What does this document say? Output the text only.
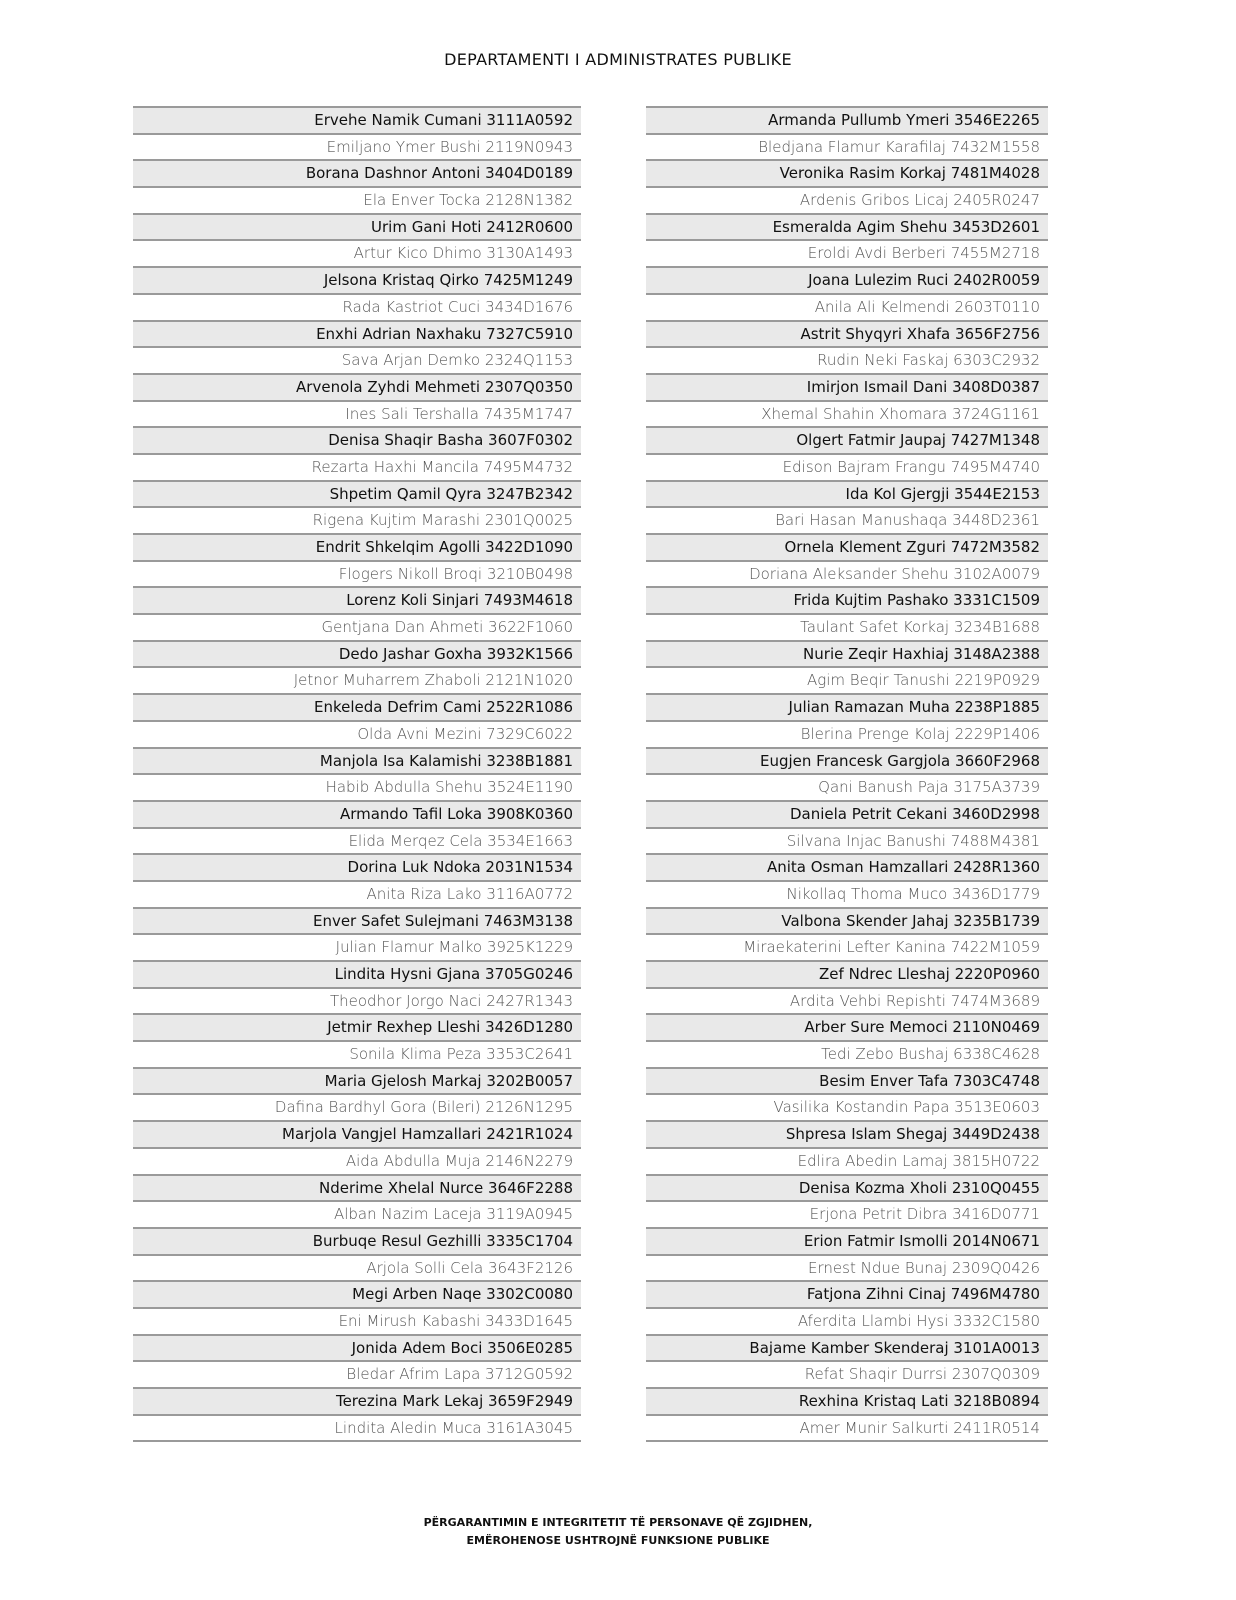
DEPARTAMENTI I ADMINISTRATES PUBLIKE
Ervehe Namik Cumani 3111A0592
Emiljano Ymer Bushi 2119N0943
Borana Dashnor Antoni 3404D0189
Ela Enver Tocka 2128N1382
Urim Gani Hoti 2412R0600
Artur Kico Dhimo 3130A1493
Jelsona Kristaq Qirko 7425M1249
Rada Kastriot Cuci 3434D1676
Enxhi Adrian Naxhaku 7327C5910
Sava Arjan Demko 2324Q1153
Arvenola Zyhdi Mehmeti 2307Q0350
Ines Sali Tershalla 7435M1747
Denisa Shaqir Basha 3607F0302
Rezarta Haxhi Mancila 7495M4732
Shpetim Qamil Qyra 3247B2342
Rigena Kujtim Marashi 2301Q0025
Endrit Shkelqim Agolli 3422D1090
Flogers Nikoll Broqi 3210B0498
Lorenz Koli Sinjari 7493M4618
Gentjana Dan Ahmeti 3622F1060
Dedo Jashar Goxha 3932K1566
Jetnor Muharrem Zhaboli 2121N1020
Enkeleda Defrim Cami 2522R1086
Olda Avni Mezini 7329C6022
Manjola Isa Kalamishi 3238B1881
Habib Abdulla Shehu 3524E1190
Armando Tafil Loka 3908K0360
Elida Merqez Cela 3534E1663
Dorina Luk Ndoka 2031N1534
Anita Riza Lako 3116A0772
Enver Safet Sulejmani 7463M3138
Julian Flamur Malko 3925K1229
Lindita Hysni Gjana 3705G0246
Theodhor Jorgo Naci 2427R1343
Jetmir Rexhep Lleshi 3426D1280
Sonila Klima Peza 3353C2641
Maria Gjelosh Markaj 3202B0057
Dafina Bardhyl Gora (Bileri) 2126N1295
Marjola Vangjel Hamzallari 2421R1024
Aida Abdulla Muja 2146N2279
Nderime Xhelal Nurce 3646F2288
Alban Nazim Laceja 3119A0945
Burbuqe Resul Gezhilli 3335C1704
Arjola Solli Cela 3643F2126
Megi Arben Naqe 3302C0080
Eni Mirush Kabashi 3433D1645
Jonida Adem Boci 3506E0285
Bledar Afrim Lapa 3712G0592
Terezina Mark Lekaj 3659F2949
Lindita Aledin Muca 3161A3045
Armanda Pullumb Ymeri 3546E2265
Bledjana Flamur Karafilaj 7432M1558
Veronika Rasim Korkaj 7481M4028
Ardenis Gribos Licaj 2405R0247
Esmeralda Agim Shehu 3453D2601
Eroldi Avdi Berberi 7455M2718
Joana Lulezim Ruci 2402R0059
Anila Ali Kelmendi 2603T0110
Astrit Shyqyri Xhafa 3656F2756
Rudin Neki Faskaj 6303C2932
Imirjon Ismail Dani 3408D0387
Xhemal Shahin Xhomara 3724G1161
Olgert Fatmir Jaupaj 7427M1348
Edison Bajram Frangu 7495M4740
Ida Kol Gjergji 3544E2153
Bari Hasan Manushaqa 3448D2361
Ornela Klement Zguri 7472M3582
Doriana Aleksander Shehu 3102A0079
Frida Kujtim Pashako 3331C1509
Taulant Safet Korkaj 3234B1688
Nurie Zeqir Haxhiaj 3148A2388
Agim Beqir Tanushi 2219P0929
Julian Ramazan Muha 2238P1885
Blerina Prenge Kolaj 2229P1406
Eugjen Francesk Gargjola 3660F2968
Qani Banush Paja 3175A3739
Daniela Petrit Cekani 3460D2998
Silvana Injac Banushi 7488M4381
Anita Osman Hamzallari 2428R1360
Nikollaq Thoma Muco 3436D1779
Valbona Skender Jahaj 3235B1739
Miraekaterini Lefter Kanina 7422M1059
Zef Ndrec Lleshaj 2220P0960
Ardita Vehbi Repishti 7474M3689
Arber Sure Memoci 2110N0469
Tedi Zebo Bushaj 6338C4628
Besim Enver Tafa 7303C4748
Vasilika Kostandin Papa 3513E0603
Shpresa Islam Shegaj 3449D2438
Edlira Abedin Lamaj 3815H0722
Denisa Kozma Xholi 2310Q0455
Erjona Petrit Dibra 3416D0771
Erion Fatmir Ismolli 2014N0671
Ernest Ndue Bunaj 2309Q0426
Fatjona Zihni Cinaj 7496M4780
Aferdita Llambi Hysi 3332C1580
Bajame Kamber Skenderaj 3101A0013
Refat Shaqir Durrsi 2307Q0309
Rexhina Kristaq Lati 3218B0894
Amer Munir Salkurti 2411R0514
PËRGARANTIMIN E INTEGRITETIT TË PERSONAVE QË ZGJIDHEN,
EMËROHENOSE USHTROJNË FUNKSIONE PUBLIKE
